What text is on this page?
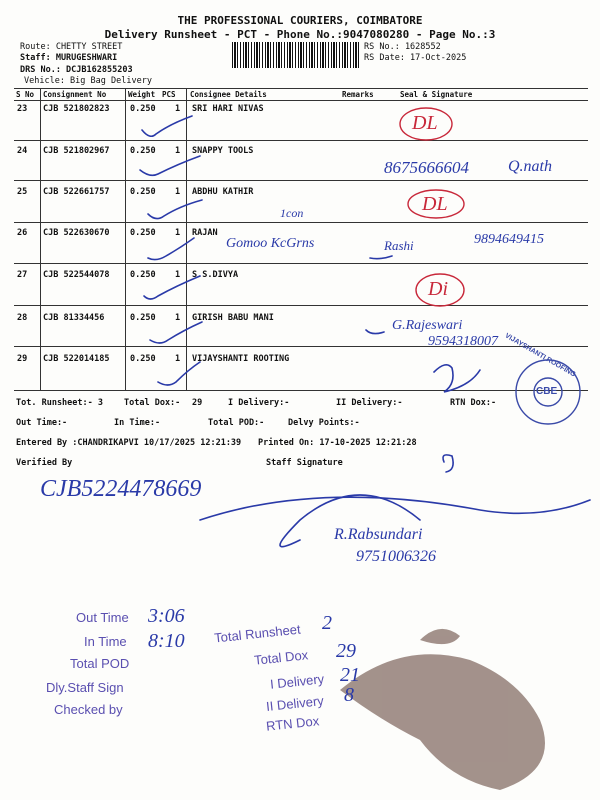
THE PROFESSIONAL COURIERS, COIMBATORE
Delivery Runsheet - PCT - Phone No.:9047080280 - Page No.:3
Route: CHETTY STREET
Staff: MURUGESHWARI
DRS No.: DCJB162855203
Vehicle: Big Bag Delivery
RS No.: 1628552
RS Date: 17-Oct-2025
S No Consignment No	Weight PCS Consignee Details	Remarks	Seal & Signature
23 CJB 521802823 0.250 1 SRI HARI NIVAS
24 CJB 521802967 0.250 1 SNAPPY TOOLS
25 CJB 522661757 0.250 1 ABDHU KATHIR
26 CJB 522630670 0.250 1 RAJAN
27 CJB 522544078 0.250 1 S.S.DIVYA
28 CJB 81334456	0.250 1 GIRISH BABU MANI
29 CJB 522014185 0.250 1 VIJAYSHANTI ROOTING
Tot. Runsheet:- 3 Total Dox:- 29	I Delivery:-	II Delivery:-	RTN Dox:-
Out Time:-	In Time:-	Total POD:-	Delvy Points:-
Entered By :CHANDRIKAPVI 10/17/2025 12:21:39 Printed On: 17-10-2025 12:21:28
Verified By	Staff Signature
DL
8675666604 Q.nath
DL
1con
Gomoo KcGrns	Rashi	9894649415
Di
G.Rajeswari
9594318007
CJB5224478669
R.Rabsundari
9751006326
VIJAYSHANTI ROOFING
CBE
Out Time 3:06
In Time 8:10
Total POD
Dly.Staff Sign
Checked by
Total Runsheet 2
Total Dox 29
I Delivery 21
II Delivery 8
RTN Dox
